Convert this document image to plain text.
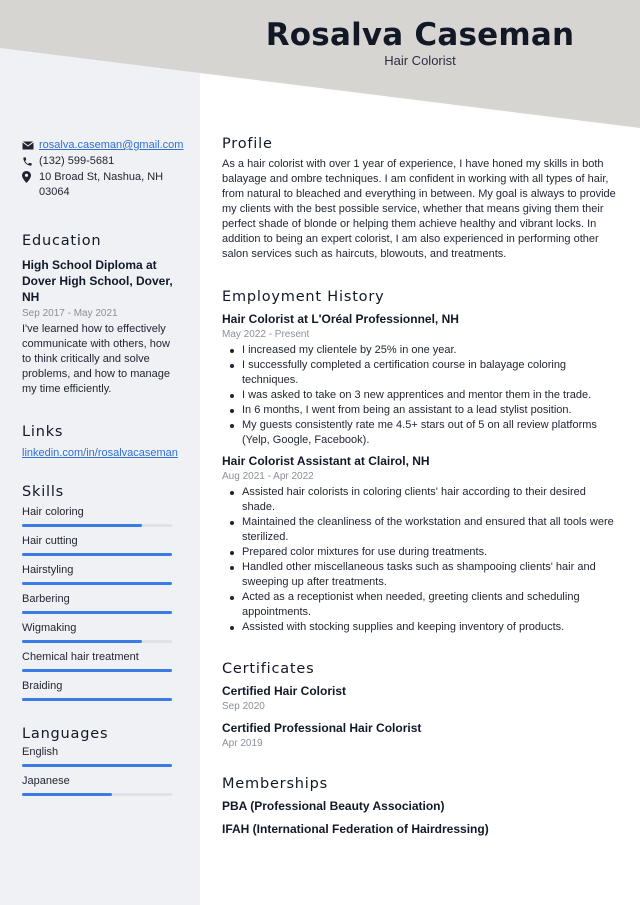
Rosalva Caseman
Hair Colorist
rosalva.caseman@gmail.com
(132) 599-5681
10 Broad St, Nashua, NH 03064
Education
High School Diploma at Dover High School, Dover, NH
Sep 2017 - May 2021
I've learned how to effectively communicate with others, how to think critically and solve problems, and how to manage my time efficiently.
Links
linkedin.com/in/rosalvacaseman
Skills
Hair coloring
Hair cutting
Hairstyling
Barbering
Wigmaking
Chemical hair treatment
Braiding
Languages
English
Japanese
Profile

As a hair colorist with over 1 year of experience, I have honed my skills in both balayage and ombre techniques. I am confident in working with all types of hair, from natural to bleached and everything in between. My goal is always to provide my clients with the best possible service, whether that means giving them their perfect shade of blonde or helping them achieve healthy and vibrant locks. In addition to being an expert colorist, I am also experienced in performing other salon services such as haircuts, blowouts, and treatments.

Employment History
Hair Colorist at L'Oréal Professionnel, NH
May 2022 - Present
I increased my clientele by 25% in one year.
I successfully completed a certification course in balayage coloring techniques.
I was asked to take on 3 new apprentices and mentor them in the trade.
In 6 months, I went from being an assistant to a lead stylist position.
My guests consistently rate me 4.5+ stars out of 5 on all review platforms (Yelp, Google, Facebook).
Hair Colorist Assistant at Clairol, NH
Aug 2021 - Apr 2022
Assisted hair colorists in coloring clients' hair according to their desired shade.
Maintained the cleanliness of the workstation and ensured that all tools were sterilized.
Prepared color mixtures for use during treatments.
Handled other miscellaneous tasks such as shampooing clients' hair and sweeping up after treatments.
Acted as a receptionist when needed, greeting clients and scheduling appointments.
Assisted with stocking supplies and keeping inventory of products.
Certificates
Certified Hair Colorist
Sep 2020
Certified Professional Hair Colorist
Apr 2019
Memberships
PBA (Professional Beauty Association)
IFAH (International Federation of Hairdressing)
